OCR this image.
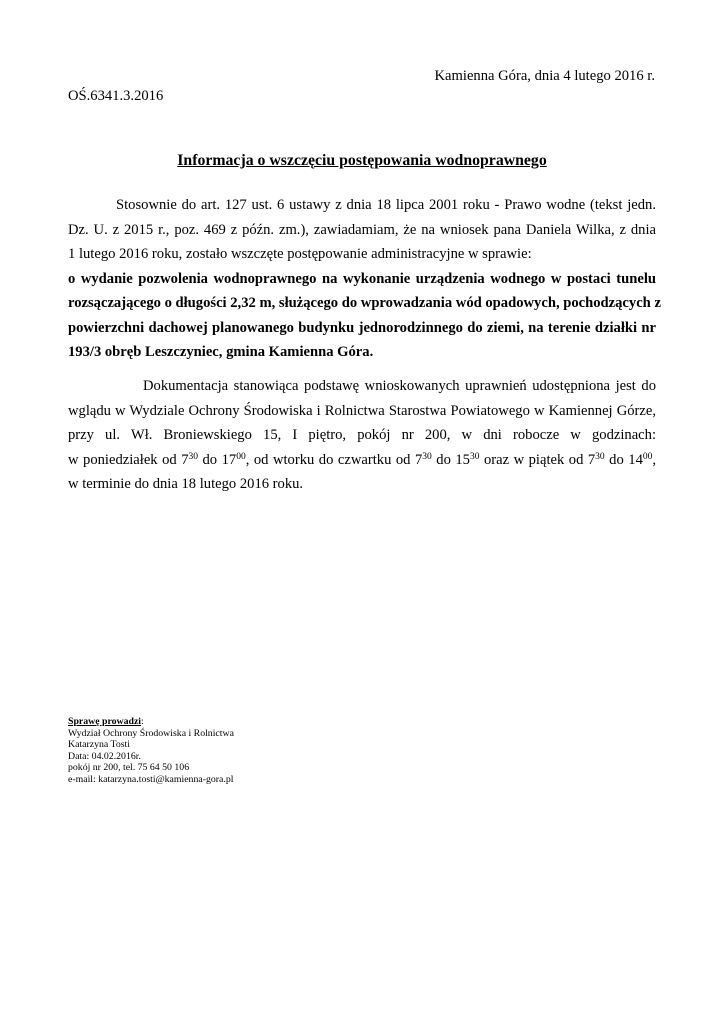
Kamienna Góra, dnia 4 lutego 2016 r.
OŚ.6341.3.2016
Informacja o wszczęciu postępowania wodnoprawnego
Stosownie do art. 127 ust. 6 ustawy z dnia 18 lipca 2001 roku - Prawo wodne (tekst jedn.
Dz. U. z 2015 r., poz. 469 z późn. zm.), zawiadamiam, że na wniosek pana Daniela Wilka, z dnia
1 lutego 2016 roku, zostało wszczęte postępowanie administracyjne w sprawie:
o wydanie pozwolenia wodnoprawnego na wykonanie urządzenia wodnego w postaci tunelu
rozsączającego o długości 2,32 m, służącego do wprowadzania wód opadowych, pochodzących z
powierzchni dachowej planowanego budynku jednorodzinnego do ziemi, na terenie działki nr
193/3 obręb Leszczyniec, gmina Kamienna Góra.
Dokumentacja stanowiąca podstawę wnioskowanych uprawnień udostępniona jest do
wglądu w Wydziale Ochrony Środowiska i Rolnictwa Starostwa Powiatowego w Kamiennej Górze,
przy ul. Wł. Broniewskiego 15, I piętro, pokój nr 200, w dni robocze w godzinach:
w poniedziałek od $7^{30}$ do $17^{00}$, od wtorku do czwartku od $7^{30}$ do $15^{30}$ oraz w piątek od $7^{30}$ do $14^{00}$,
w terminie do dnia 18 lutego 2016 roku.
Sprawę prowadzi:
Wydział Ochrony Środowiska i Rolnictwa
Katarzyna Tosti
Data: 04.02.2016r.
pokój nr 200, tel. 75 64 50 106
e-mail: katarzyna.tosti@kamienna-gora.pl
